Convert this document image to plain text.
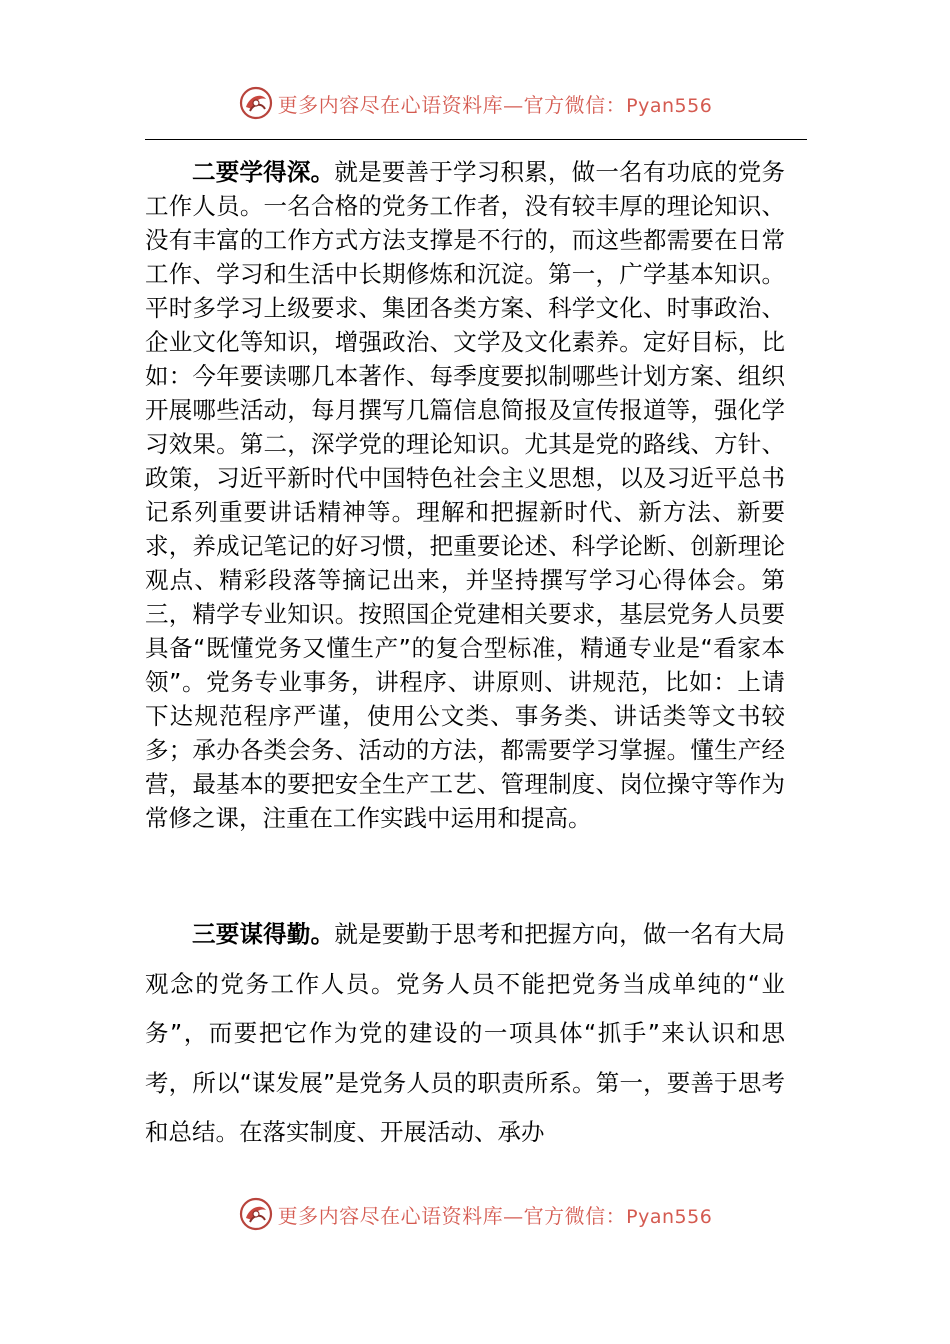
更多内容尽在心语资料库—官方微信：Pyan556

二要学得深。就是要善于学习积累，做一名有功底的党务工作人员。一名合格的党务工作者，没有较丰厚的理论知识、没有丰富的工作方式方法支撑是不行的，而这些都需要在日常工作、学习和生活中长期修炼和沉淀。第一，广学基本知识。平时多学习上级要求、集团各类方案、科学文化、时事政治、企业文化等知识，增强政治、文学及文化素养。定好目标，比如：今年要读哪几本著作、每季度要拟制哪些计划方案、组织开展哪些活动，每月撰写几篇信息简报及宣传报道等，强化学习效果。第二，深学党的理论知识。尤其是党的路线、方针、政策，习近平新时代中国特色社会主义思想，以及习近平总书记系列重要讲话精神等。理解和把握新时代、新方法、新要求，养成记笔记的好习惯，把重要论述、科学论断、创新理论观点、精彩段落等摘记出来，并坚持撰写学习心得体会。第三，精学专业知识。按照国企党建相关要求，基层党务人员要具备“既懂党务又懂生产”的复合型标准，精通专业是“看家本领”。党务专业事务，讲程序、讲原则、讲规范，比如：上请下达规范程序严谨，使用公文类、事务类、讲话类等文书较多；承办各类会务、活动的方法，都需要学习掌握。懂生产经营，最基本的要把安全生产工艺、管理制度、岗位操守等作为常修之课，注重在工作实践中运用和提高。

三要谋得勤。就是要勤于思考和把握方向，做一名有大局观念的党务工作人员。党务人员不能把党务当成单纯的“业务”，而要把它作为党的建设的一项具体“抓手”来认识和思考，所以“谋发展”是党务人员的职责所系。第一，要善于思考和总结。在落实制度、开展活动、承办

更多内容尽在心语资料库—官方微信：Pyan556
